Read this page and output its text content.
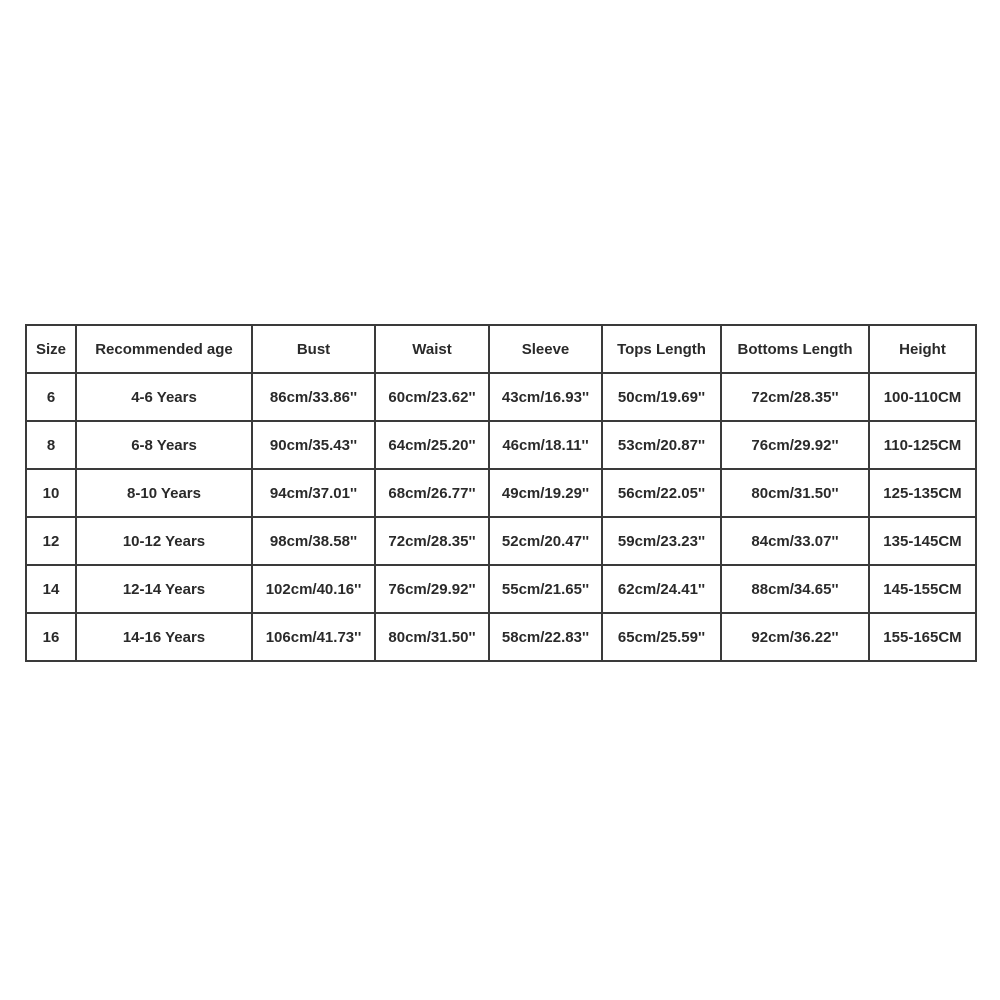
Size	Recommended age	Bust	Waist	Sleeve	Tops Length	Bottoms Length	Height
6	4-6 Years	86cm/33.86''	60cm/23.62''	43cm/16.93''	50cm/19.69''	72cm/28.35''	100-110CM
8	6-8 Years	90cm/35.43''	64cm/25.20''	46cm/18.11''	53cm/20.87''	76cm/29.92''	110-125CM
10	8-10 Years	94cm/37.01''	68cm/26.77''	49cm/19.29''	56cm/22.05''	80cm/31.50''	125-135CM
12	10-12 Years	98cm/38.58''	72cm/28.35''	52cm/20.47''	59cm/23.23''	84cm/33.07''	135-145CM
14	12-14 Years	102cm/40.16''	76cm/29.92''	55cm/21.65''	62cm/24.41''	88cm/34.65''	145-155CM
16	14-16 Years	106cm/41.73''	80cm/31.50''	58cm/22.83''	65cm/25.59''	92cm/36.22''	155-165CM
